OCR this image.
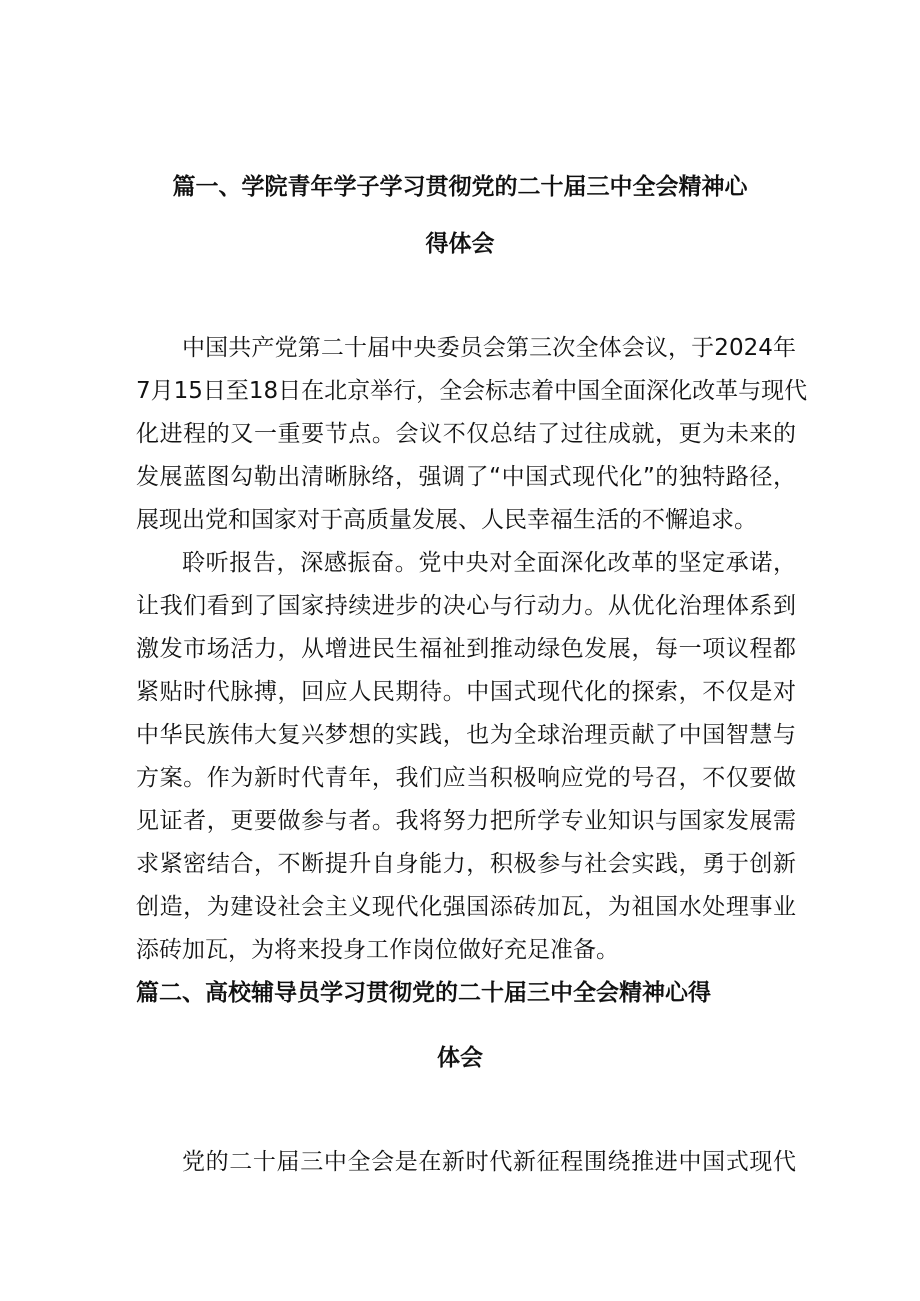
篇一、学院青年学子学习贯彻党的二十届三中全会精神心
得体会
中国共产党第二十届中央委员会第三次全体会议，于2024年
7月15日至18日在北京举行，全会标志着中国全面深化改革与现代
化进程的又一重要节点。会议不仅总结了过往成就，更为未来的
发展蓝图勾勒出清晰脉络，强调了“中国式现代化”的独特路径，
展现出党和国家对于高质量发展、人民幸福生活的不懈追求。
聆听报告，深感振奋。党中央对全面深化改革的坚定承诺，
让我们看到了国家持续进步的决心与行动力。从优化治理体系到
激发市场活力，从增进民生福祉到推动绿色发展，每一项议程都
紧贴时代脉搏，回应人民期待。中国式现代化的探索，不仅是对
中华民族伟大复兴梦想的实践，也为全球治理贡献了中国智慧与
方案。作为新时代青年，我们应当积极响应党的号召，不仅要做
见证者，更要做参与者。我将努力把所学专业知识与国家发展需
求紧密结合，不断提升自身能力，积极参与社会实践，勇于创新
创造，为建设社会主义现代化强国添砖加瓦，为祖国水处理事业
添砖加瓦，为将来投身工作岗位做好充足准备。
篇二、高校辅导员学习贯彻党的二十届三中全会精神心得
体会
党的二十届三中全会是在新时代新征程围绕推进中国式现代
